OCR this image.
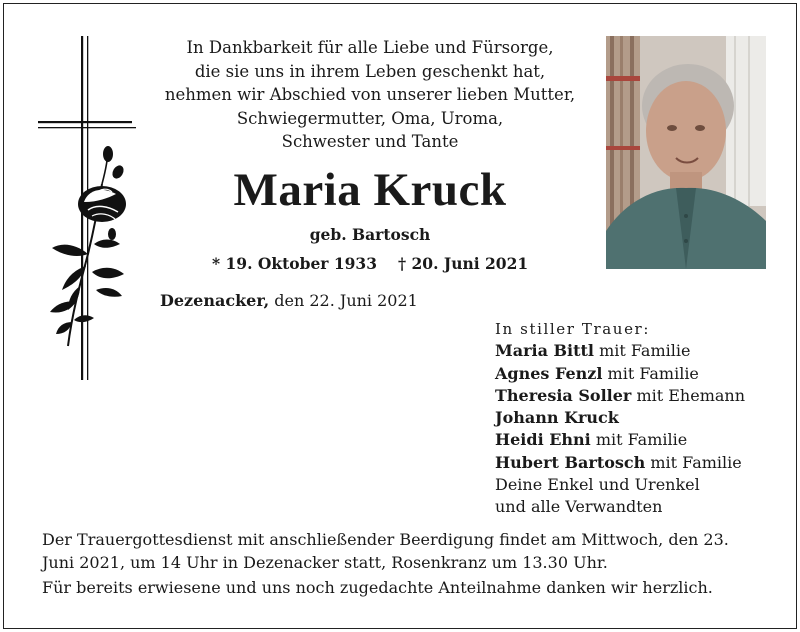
In Dankbarkeit für alle Liebe und Fürsorge,
die sie uns in ihrem Leben geschenkt hat,
nehmen wir Abschied von unserer lieben Mutter,
Schwiegermutter, Oma, Uroma,
Schwester und Tante
Maria Kruck
geb. Bartosch
* 19. Oktober 1933 † 20. Juni 2021
Dezenacker, den 22. Juni 2021
In stiller Trauer:
Maria Bittl mit Familie
Agnes Fenzl mit Familie
Theresia Soller mit Ehemann
Johann Kruck
Heidi Ehni mit Familie
Hubert Bartosch mit Familie
Deine Enkel und Urenkel
und alle Verwandten
Der Trauergottesdienst mit anschließender Beerdigung findet am Mittwoch, den 23. Juni 2021, um 14 Uhr in Dezenacker statt, Rosenkranz um 13.30 Uhr.
Für bereits erwiesene und uns noch zugedachte Anteilnahme danken wir herzlich.
